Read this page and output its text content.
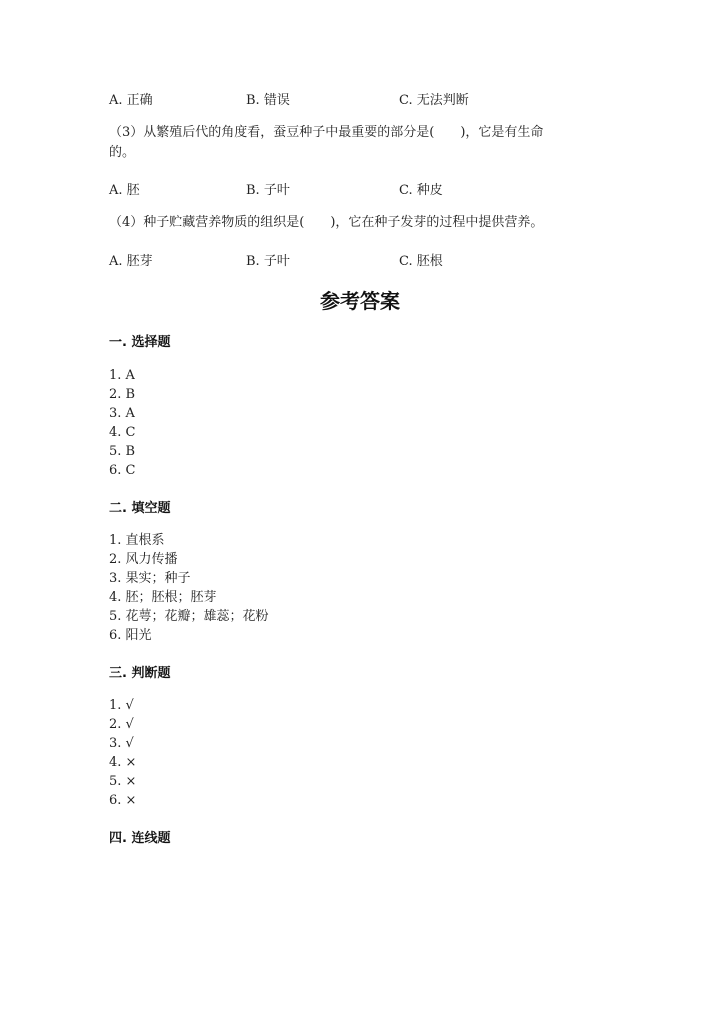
A. 正确	B. 错误	C. 无法判断
（3）从繁殖后代的角度看，蚕豆种子中最重要的部分是(　　)，它是有生命
的。
A. 胚	B. 子叶	C. 种皮
（4）种子贮藏营养物质的组织是(　　)，它在种子发芽的过程中提供营养。
A. 胚芽	B. 子叶	C. 胚根
参考答案
一. 选择题
1. A
2. B
3. A
4. C
5. B
6. C
二. 填空题
1. 直根系
2. 风力传播
3. 果实；种子
4. 胚；胚根；胚芽
5. 花萼；花瓣；雄蕊；花粉
6. 阳光
三. 判断题
1. √
2. √
3. √
4. ×
5. ×
6. ×
四. 连线题
